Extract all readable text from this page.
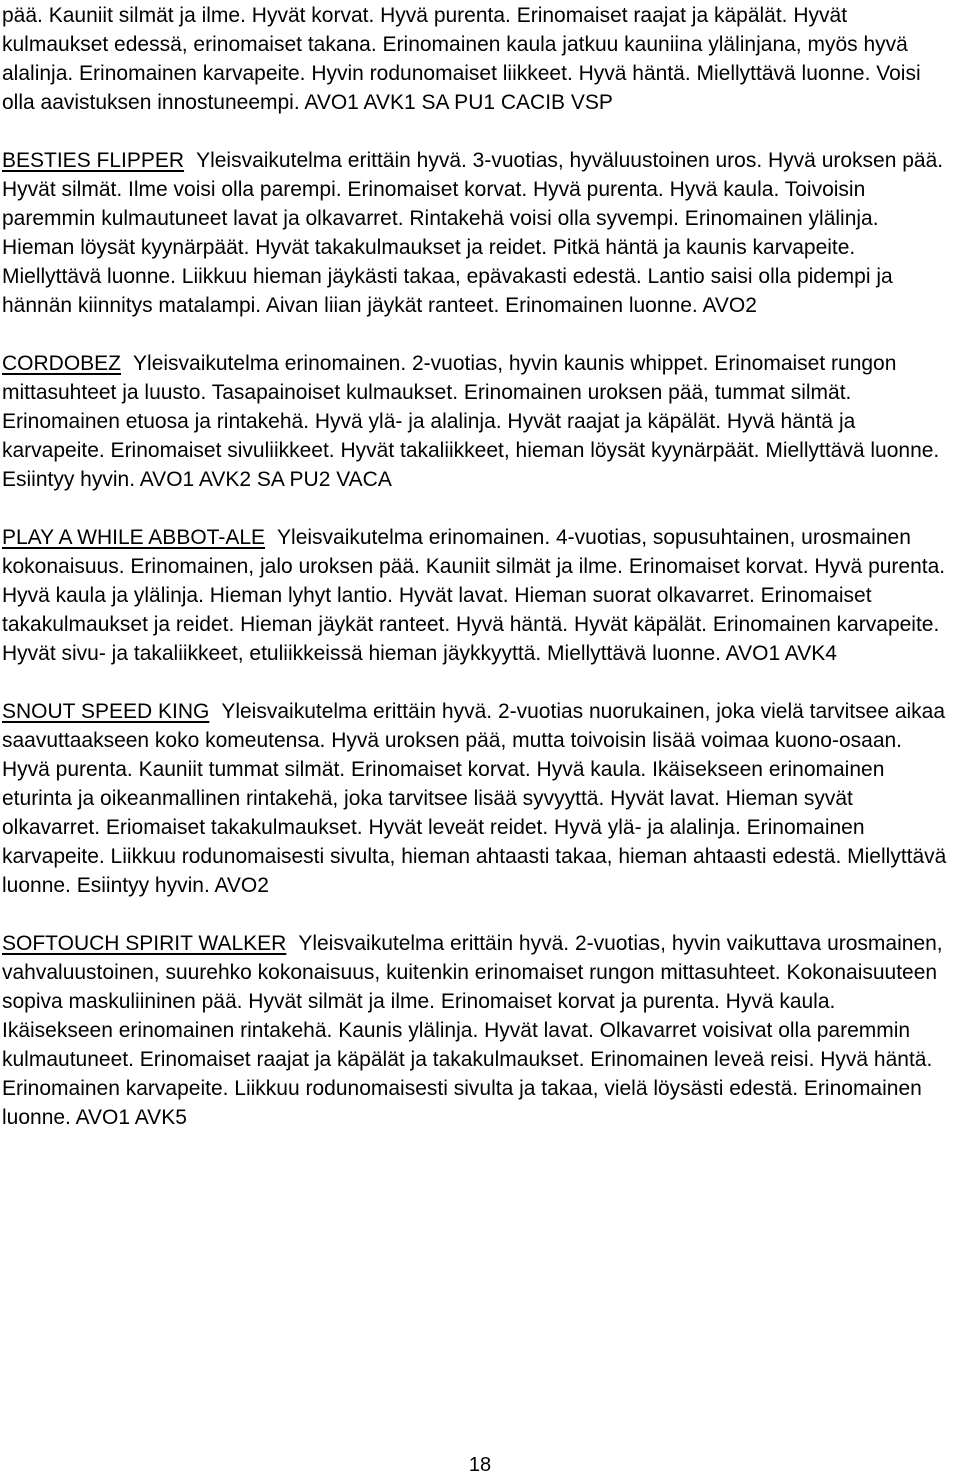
pää. Kauniit silmät ja ilme. Hyvät korvat. Hyvä purenta. Erinomaiset raajat ja käpälät. Hyvät kulmaukset edessä, erinomaiset takana. Erinomainen kaula jatkuu kauniina ylälinjana, myös hyvä alalinja. Erinomainen karvapeite. Hyvin rodunomaiset liikkeet. Hyvä häntä. Miellyttävä luonne. Voisi olla aavistuksen innostuneempi. AVO1 AVK1 SA PU1 CACIB VSP

BESTIES FLIPPER Yleisvaikutelma erittäin hyvä. 3-vuotias, hyväluustoinen uros. Hyvä uroksen pää. Hyvät silmät. Ilme voisi olla parempi. Erinomaiset korvat. Hyvä purenta. Hyvä kaula. Toivoisin paremmin kulmautuneet lavat ja olkavarret. Rintakehä voisi olla syvempi. Erinomainen ylälinja. Hieman löysät kyynärpäät. Hyvät takakulmaukset ja reidet. Pitkä häntä ja kaunis karvapeite. Miellyttävä luonne. Liikkuu hieman jäykästi takaa, epävakasti edestä. Lantio saisi olla pidempi ja hännän kiinnitys matalampi. Aivan liian jäykät ranteet. Erinomainen luonne. AVO2

CORDOBEZ Yleisvaikutelma erinomainen. 2-vuotias, hyvin kaunis whippet. Erinomaiset rungon mittasuhteet ja luusto. Tasapainoiset kulmaukset. Erinomainen uroksen pää, tummat silmät. Erinomainen etuosa ja rintakehä. Hyvä ylä- ja alalinja. Hyvät raajat ja käpälät. Hyvä häntä ja karvapeite. Erinomaiset sivuliikkeet. Hyvät takaliikkeet, hieman löysät kyynärpäät. Miellyttävä luonne. Esiintyy hyvin. AVO1 AVK2 SA PU2 VACA

PLAY A WHILE ABBOT-ALE Yleisvaikutelma erinomainen. 4-vuotias, sopusuhtainen, urosmainen kokonaisuus. Erinomainen, jalo uroksen pää. Kauniit silmät ja ilme. Erinomaiset korvat. Hyvä purenta. Hyvä kaula ja ylälinja. Hieman lyhyt lantio. Hyvät lavat. Hieman suorat olkavarret. Erinomaiset takakulmaukset ja reidet. Hieman jäykät ranteet. Hyvä häntä. Hyvät käpälät. Erinomainen karvapeite. Hyvät sivu- ja takaliikkeet, etuliikkeissä hieman jäykkyyttä. Miellyttävä luonne. AVO1 AVK4

SNOUT SPEED KING Yleisvaikutelma erittäin hyvä. 2-vuotias nuorukainen, joka vielä tarvitsee aikaa saavuttaakseen koko komeutensa. Hyvä uroksen pää, mutta toivoisin lisää voimaa kuono-osaan. Hyvä purenta. Kauniit tummat silmät. Erinomaiset korvat. Hyvä kaula. Ikäisekseen erinomainen eturinta ja oikeanmallinen rintakehä, joka tarvitsee lisää syvyyttä. Hyvät lavat. Hieman syvät olkavarret. Eriomaiset takakulmaukset. Hyvät leveät reidet. Hyvä ylä- ja alalinja. Erinomainen karvapeite. Liikkuu rodunomaisesti sivulta, hieman ahtaasti takaa, hieman ahtaasti edestä. Miellyttävä luonne. Esiintyy hyvin. AVO2

SOFTOUCH SPIRIT WALKER Yleisvaikutelma erittäin hyvä. 2-vuotias, hyvin vaikuttava urosmainen, vahvaluustoinen, suurehko kokonaisuus, kuitenkin erinomaiset rungon mittasuhteet. Kokonaisuuteen sopiva maskuliininen pää. Hyvät silmät ja ilme. Erinomaiset korvat ja purenta. Hyvä kaula. Ikäisekseen erinomainen rintakehä. Kaunis ylälinja. Hyvät lavat. Olkavarret voisivat olla paremmin kulmautuneet. Erinomaiset raajat ja käpälät ja takakulmaukset. Erinomainen leveä reisi. Hyvä häntä. Erinomainen karvapeite. Liikkuu rodunomaisesti sivulta ja takaa, vielä löysästi edestä. Erinomainen luonne. AVO1 AVK5

18
